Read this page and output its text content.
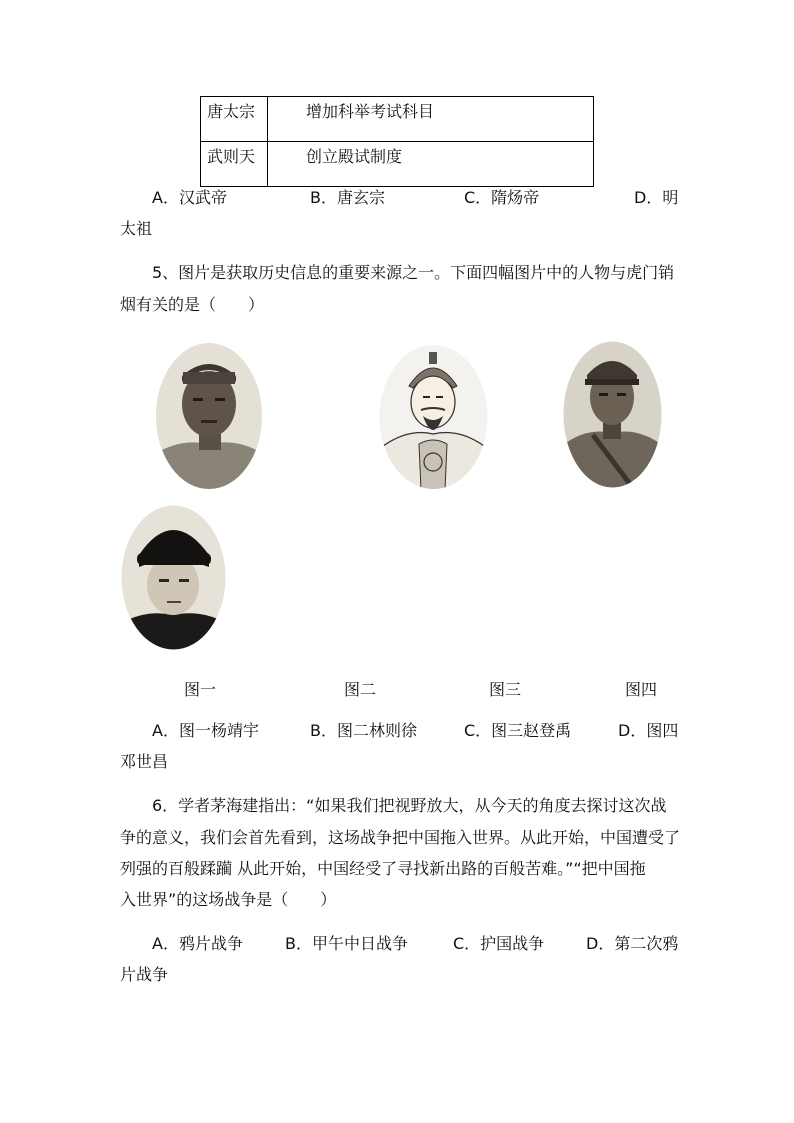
唐太宗	增加科举考试科目
武则天	创立殿试制度
A．汉武帝	B．唐玄宗	C．隋炀帝	D．明
太祖
5、图片是获取历史信息的重要来源之一。下面四幅图片中的人物与虎门销
烟有关的是（　　）
图一	图二	图三	图四
A．图一杨靖宇	B．图二林则徐	C．图三赵登禹	D．图四
邓世昌
6．学者茅海建指出：“如果我们把视野放大，从今天的角度去探讨这次战
争的意义，我们会首先看到，这场战争把中国拖入世界。从此开始，中国遭受了
列强的百般蹂躏 从此开始，中国经受了寻找新出路的百般苦难。”“把中国拖
入世界”的这场战争是（　　）
A．鸦片战争	B．甲午中日战争	C．护国战争	D．第二次鸦
片战争
